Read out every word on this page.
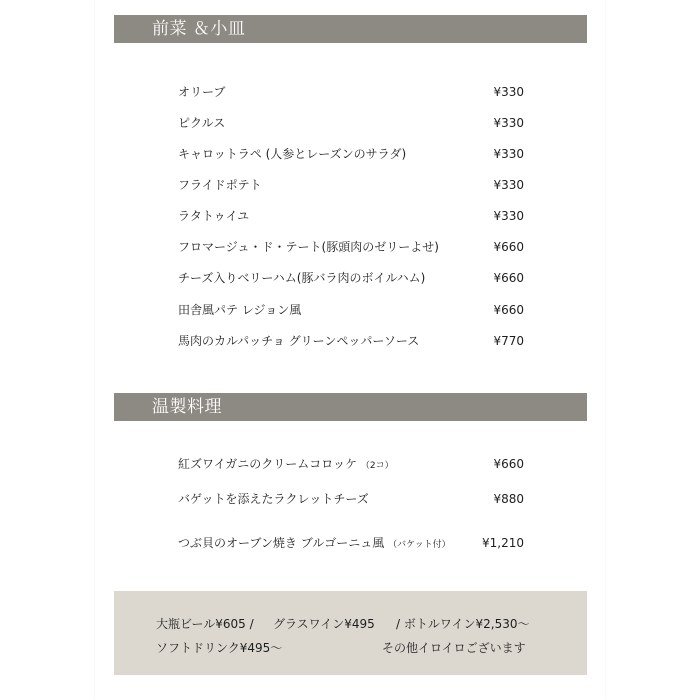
前菜 ＆小皿
オリーブ	¥330
ピクルス	¥330
キャロットラペ (人参とレーズンのサラダ)	¥330
フライドポテト	¥330
ラタトゥイユ	¥330
フロマージュ・ド・テート(豚頭肉のゼリーよせ)	¥660
チーズ入りベリーハム(豚バラ肉のボイルハム)	¥660
田舎風パテ レジョン風	¥660
馬肉のカルパッチョ グリーンペッパーソース	¥770
温製料理
紅ズワイガニのクリームコロッケ （2コ）	¥660
バゲットを添えたラクレットチーズ	¥880
つぶ貝のオーブン焼き ブルゴーニュ風 （バケット付）	¥1,210
大瓶ビール¥605 / グラスワイン¥495 / ボトルワイン¥2,530〜
ソフトドリンク¥495〜	その他イロイロございます
